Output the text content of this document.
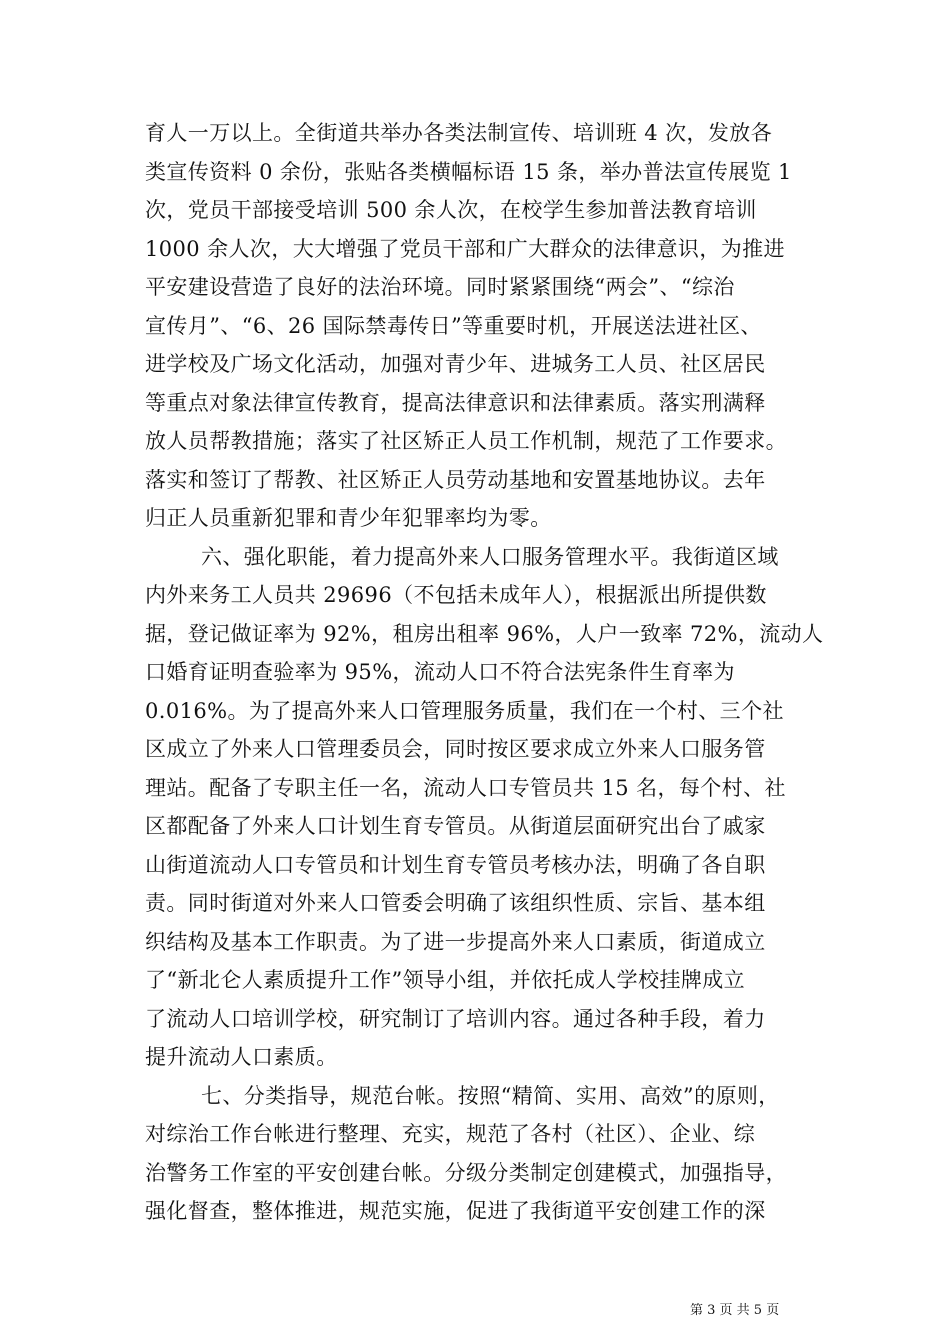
育人一万以上。全街道共举办各类法制宣传、培训班 4 次，发放各
类宣传资料 0 余份，张贴各类横幅标语 15 条，举办普法宣传展览 1
次，党员干部接受培训 500 余人次，在校学生参加普法教育培训
1000 余人次，大大增强了党员干部和广大群众的法律意识，为推进
平安建设营造了良好的法治环境。同时紧紧围绕“两会”、“综治
宣传月”、“6、26 国际禁毒传日”等重要时机，开展送法进社区、
进学校及广场文化活动，加强对青少年、进城务工人员、社区居民
等重点对象法律宣传教育，提高法律意识和法律素质。落实刑满释
放人员帮教措施；落实了社区矫正人员工作机制，规范了工作要求。
落实和签订了帮教、社区矫正人员劳动基地和安置基地协议。去年
归正人员重新犯罪和青少年犯罪率均为零。
六、强化职能，着力提高外来人口服务管理水平。我街道区域
内外来务工人员共 29696（不包括未成年人），根据派出所提供数
据，登记做证率为 92%，租房出租率 96%，人户一致率 72%，流动人
口婚育证明查验率为 95%，流动人口不符合法宪条件生育率为
0.016%。为了提高外来人口管理服务质量，我们在一个村、三个社
区成立了外来人口管理委员会，同时按区要求成立外来人口服务管
理站。配备了专职主任一名，流动人口专管员共 15 名，每个村、社
区都配备了外来人口计划生育专管员。从街道层面研究出台了戚家
山街道流动人口专管员和计划生育专管员考核办法，明确了各自职
责。同时街道对外来人口管委会明确了该组织性质、宗旨、基本组
织结构及基本工作职责。为了进一步提高外来人口素质，街道成立
了“新北仑人素质提升工作”领导小组，并依托成人学校挂牌成立
了流动人口培训学校，研究制订了培训内容。通过各种手段，着力
提升流动人口素质。
七、分类指导，规范台帐。按照“精简、实用、高效”的原则，
对综治工作台帐进行整理、充实，规范了各村（社区）、企业、综
治警务工作室的平安创建台帐。分级分类制定创建模式，加强指导，
强化督查，整体推进，规范实施，促进了我街道平安创建工作的深
第 3 页 共 5 页
